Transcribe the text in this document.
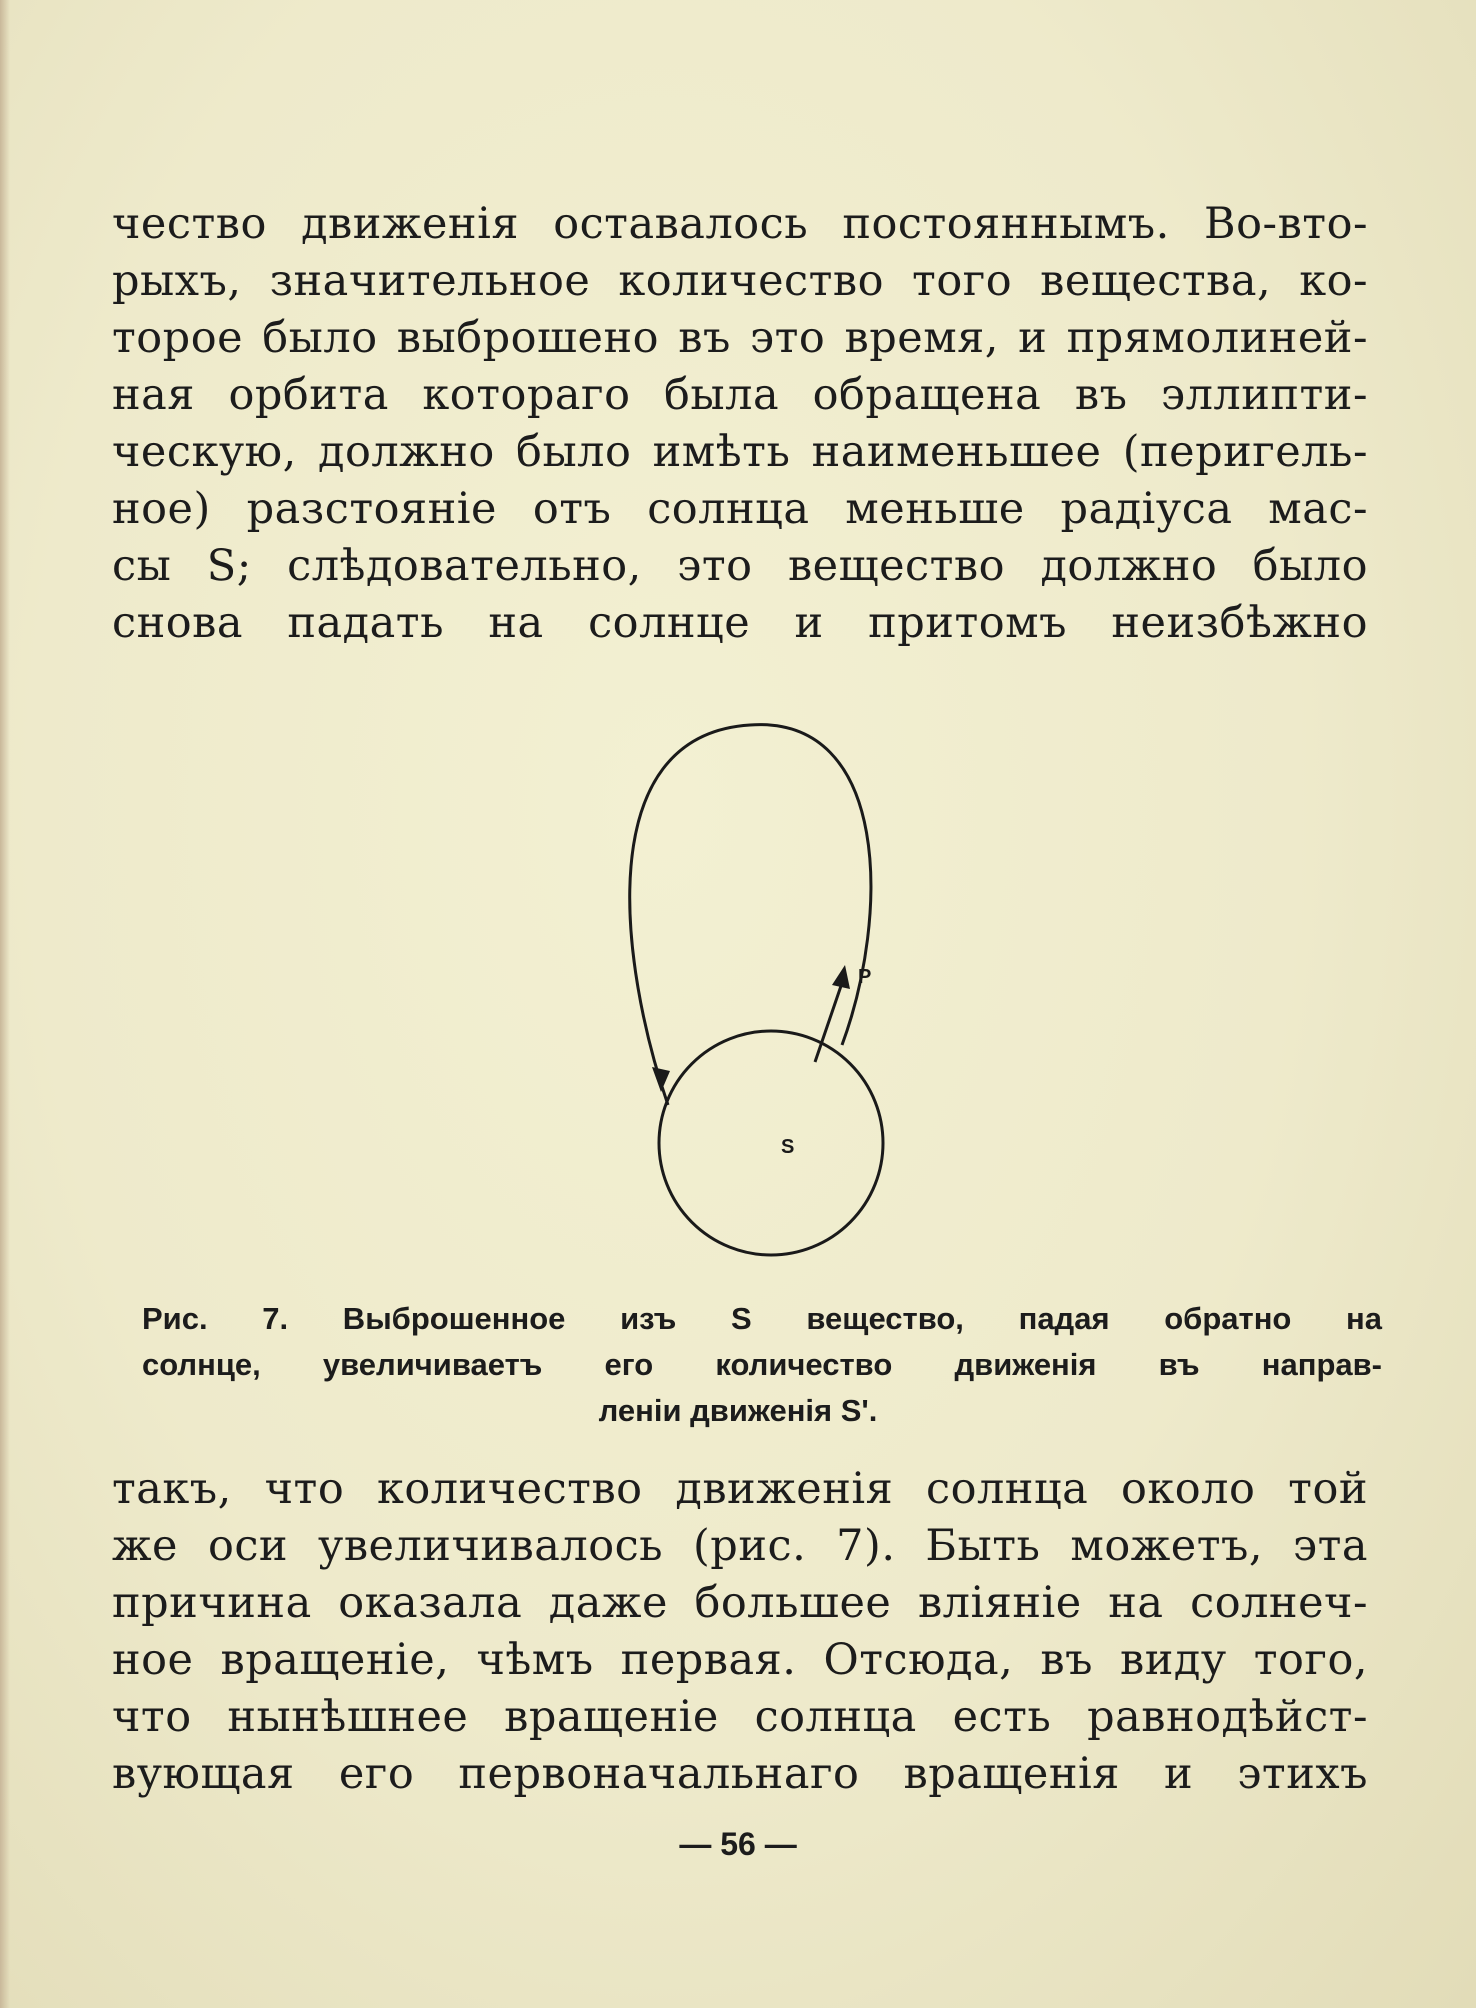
чество движенія оставалось постояннымъ. Во-вто-
рыхъ, значительное количество того вещества, ко-
торое было выброшено въ это время, и прямолиней-
ная орбита котораго была обращена въ эллипти-
ческую, должно было имѣть наименьшее (перигель-
ное) разстояніе отъ солнца меньше радіуса мас-
сы S; слѣдовательно, это вещество должно было
снова падать на солнце и притомъ неизбѣжно
S
P
Рис. 7. Выброшенное изъ S вещество, падая обратно на
солнце, увеличиваетъ его количество движенія въ направ-
леніи движенія S'.
такъ, что количество движенія солнца около той
же оси увеличивалось (рис. 7). Быть можетъ, эта
причина оказала даже большее вліяніе на солнеч-
ное вращеніе, чѣмъ первая. Отсюда, въ виду того,
что нынѣшнее вращеніе солнца есть равнодѣйст-
вующая его первоначальнаго вращенія и этихъ
— 56 —
